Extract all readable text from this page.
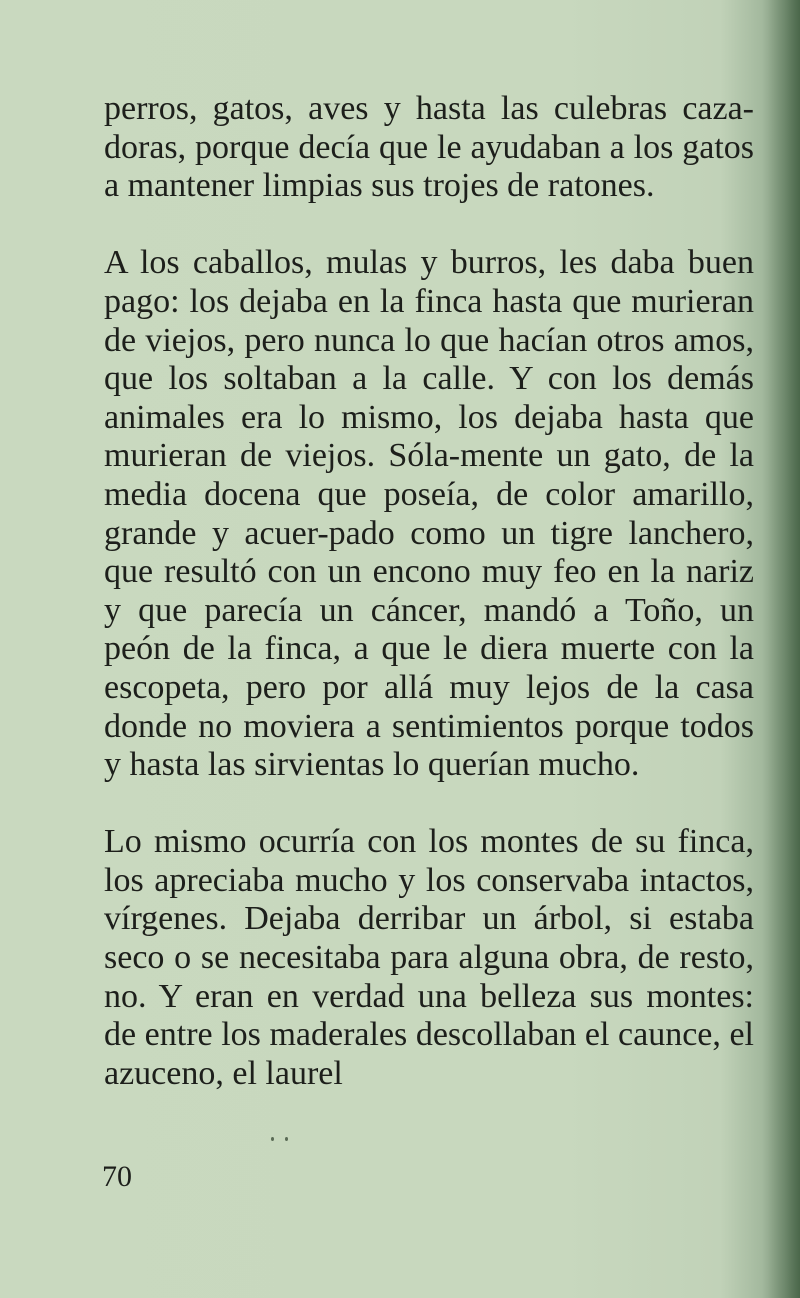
perros, gatos, aves y hasta las culebras caza-doras, porque decía que le ayudaban a los gatos a mantener limpias sus trojes de ratones.

A los caballos, mulas y burros, les daba buen pago: los dejaba en la finca hasta que murieran de viejos, pero nunca lo que hacían otros amos, que los soltaban a la calle. Y con los demás animales era lo mismo, los dejaba hasta que murieran de viejos. Sóla-mente un gato, de la media docena que poseía, de color amarillo, grande y acuer-pado como un tigre lanchero, que resultó con un encono muy feo en la nariz y que parecía un cáncer, mandó a Toño, un peón de la finca, a que le diera muerte con la escopeta, pero por allá muy lejos de la casa donde no moviera a sentimientos porque todos y hasta las sirvientas lo querían mucho.

Lo mismo ocurría con los montes de su finca, los apreciaba mucho y los conservaba intactos, vírgenes. Dejaba derribar un árbol, si estaba seco o se necesitaba para alguna obra, de resto, no. Y eran en verdad una belleza sus montes: de entre los maderales descollaban el caunce, el azuceno, el laurel

70
